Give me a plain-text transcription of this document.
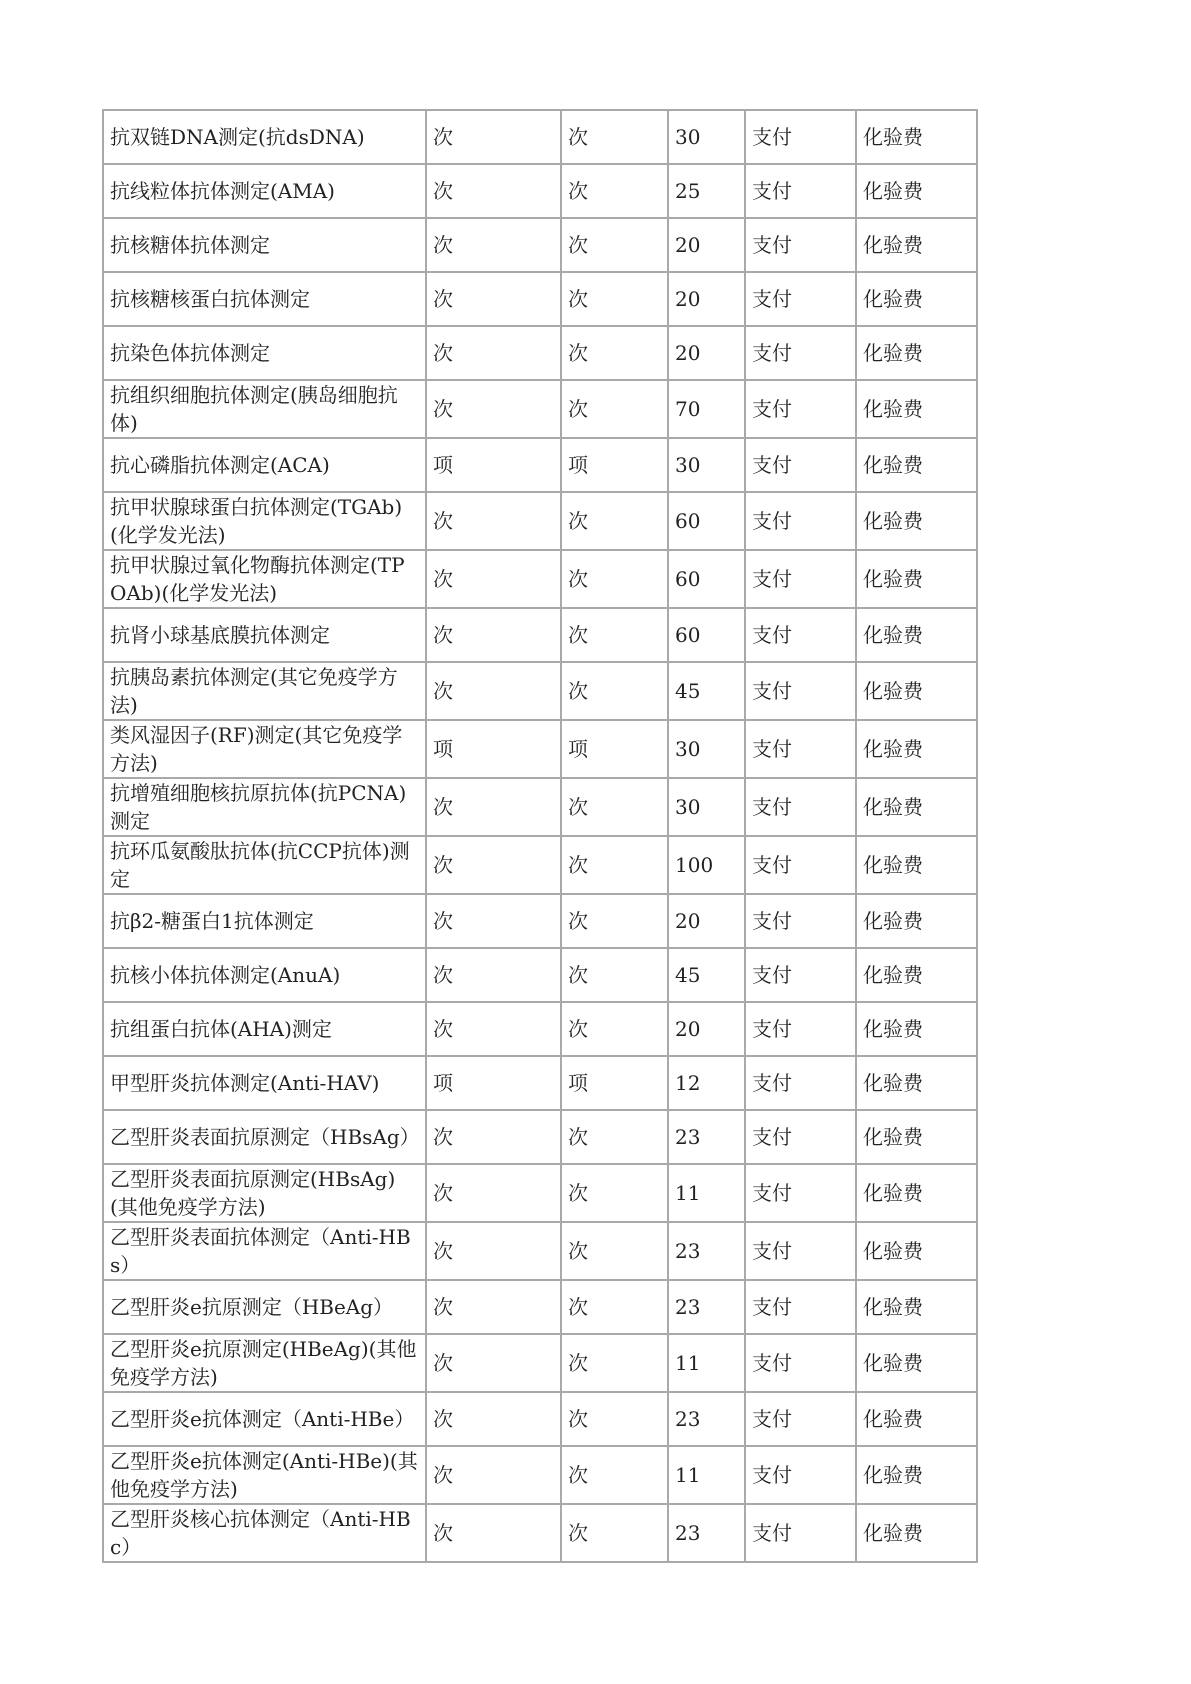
抗双链DNA测定(抗dsDNA)	次	次	30	支付	化验费
抗线粒体抗体测定(AMA)	次	次	25	支付	化验费
抗核糖体抗体测定	次	次	20	支付	化验费
抗核糖核蛋白抗体测定	次	次	20	支付	化验费
抗染色体抗体测定	次	次	20	支付	化验费
抗组织细胞抗体测定(胰岛细胞抗体)	次	次	70	支付	化验费
抗心磷脂抗体测定(ACA)	项	项	30	支付	化验费
抗甲状腺球蛋白抗体测定(TGAb)(化学发光法)	次	次	60	支付	化验费
抗甲状腺过氧化物酶抗体测定(TPOAb)(化学发光法)	次	次	60	支付	化验费
抗肾小球基底膜抗体测定	次	次	60	支付	化验费
抗胰岛素抗体测定(其它免疫学方法)	次	次	45	支付	化验费
类风湿因子(RF)测定(其它免疫学方法)	项	项	30	支付	化验费
抗增殖细胞核抗原抗体(抗PCNA)测定	次	次	30	支付	化验费
抗环瓜氨酸肽抗体(抗CCP抗体)测定	次	次	100	支付	化验费
抗β2-糖蛋白1抗体测定	次	次	20	支付	化验费
抗核小体抗体测定(AnuA)	次	次	45	支付	化验费
抗组蛋白抗体(AHA)测定	次	次	20	支付	化验费
甲型肝炎抗体测定(Anti-HAV)	项	项	12	支付	化验费
乙型肝炎表面抗原测定（HBsAg）	次	次	23	支付	化验费
乙型肝炎表面抗原测定(HBsAg)(其他免疫学方法)	次	次	11	支付	化验费
乙型肝炎表面抗体测定（Anti-HBs）	次	次	23	支付	化验费
乙型肝炎e抗原测定（HBeAg）	次	次	23	支付	化验费
乙型肝炎e抗原测定(HBeAg)(其他免疫学方法)	次	次	11	支付	化验费
乙型肝炎e抗体测定（Anti-HBe）	次	次	23	支付	化验费
乙型肝炎e抗体测定(Anti-HBe)(其他免疫学方法)	次	次	11	支付	化验费
乙型肝炎核心抗体测定（Anti-HBc）	次	次	23	支付	化验费
